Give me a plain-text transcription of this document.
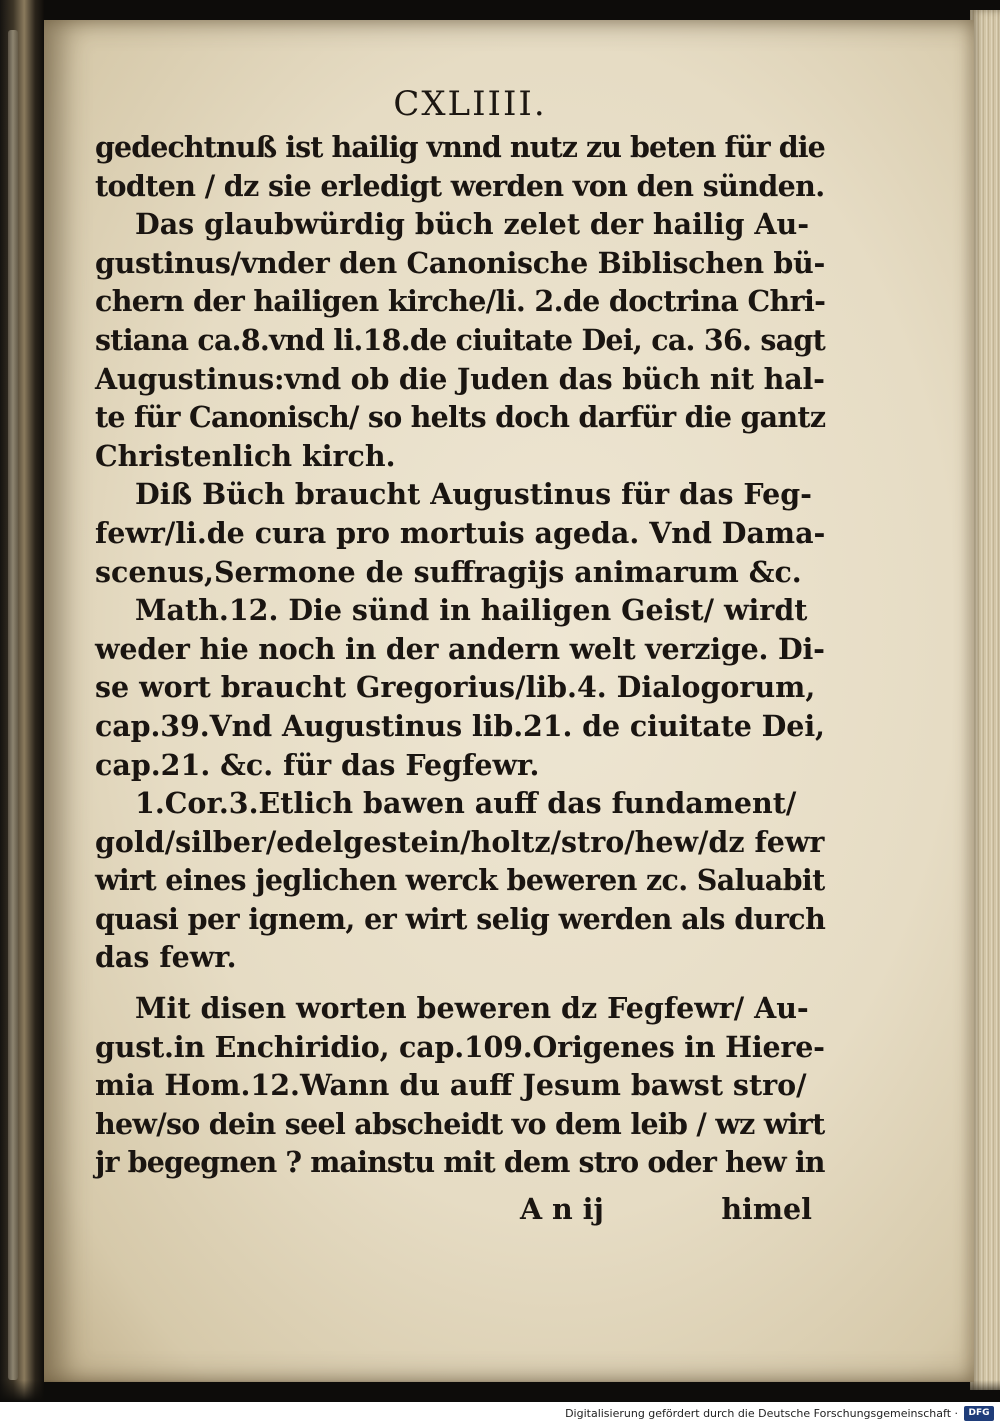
CXLIIII.
gedechtnuß ist hailig vnnd nutz zu beten für die
todten / dz sie erledigt werden von den sünden.
Das glaubwürdig büch zelet der hailig Au-
gustinus/vnder den Canonische Biblischen bü-
chern der hailigen kirche/li. 2.de doctrina Chri-
stiana ca.8.vnd li.18.de ciuitate Dei, ca. 36. sagt
Augustinus:vnd ob die Juden das büch nit hal-
te für Canonisch/ so helts doch darfür die gantz
Christenlich kirch.
Diß Büch braucht Augustinus für das Feg-
fewr/li.de cura pro mortuis ageda. Vnd Dama-
scenus,Sermone de suffragijs animarum &c.
Math.12. Die sünd in hailigen Geist/ wirdt
weder hie noch in der andern welt verzige. Di-
se wort braucht Gregorius/lib.4. Dialogorum,
cap.39.Vnd Augustinus lib.21. de ciuitate Dei,
cap.21. &c. für das Fegfewr.
1.Cor.3.Etlich bawen auff das fundament/
gold/silber/edelgestein/holtz/stro/hew/dz fewr
wirt eines jeglichen werck beweren zc. Saluabit
quasi per ignem, er wirt selig werden als durch
das fewr.
Mit disen worten beweren dz Fegfewr/ Au-
gust.in Enchiridio, cap.109.Origenes in Hiere-
mia Hom.12.Wann du auff Jesum bawst stro/
hew/so dein seel abscheidt vo dem leib / wz wirt
jr begegnen ? mainstu mit dem stro oder hew in
A n ij	himel
Digitalisierung gefördert durch die Deutsche Forschungsgemeinschaft ·	DFG
